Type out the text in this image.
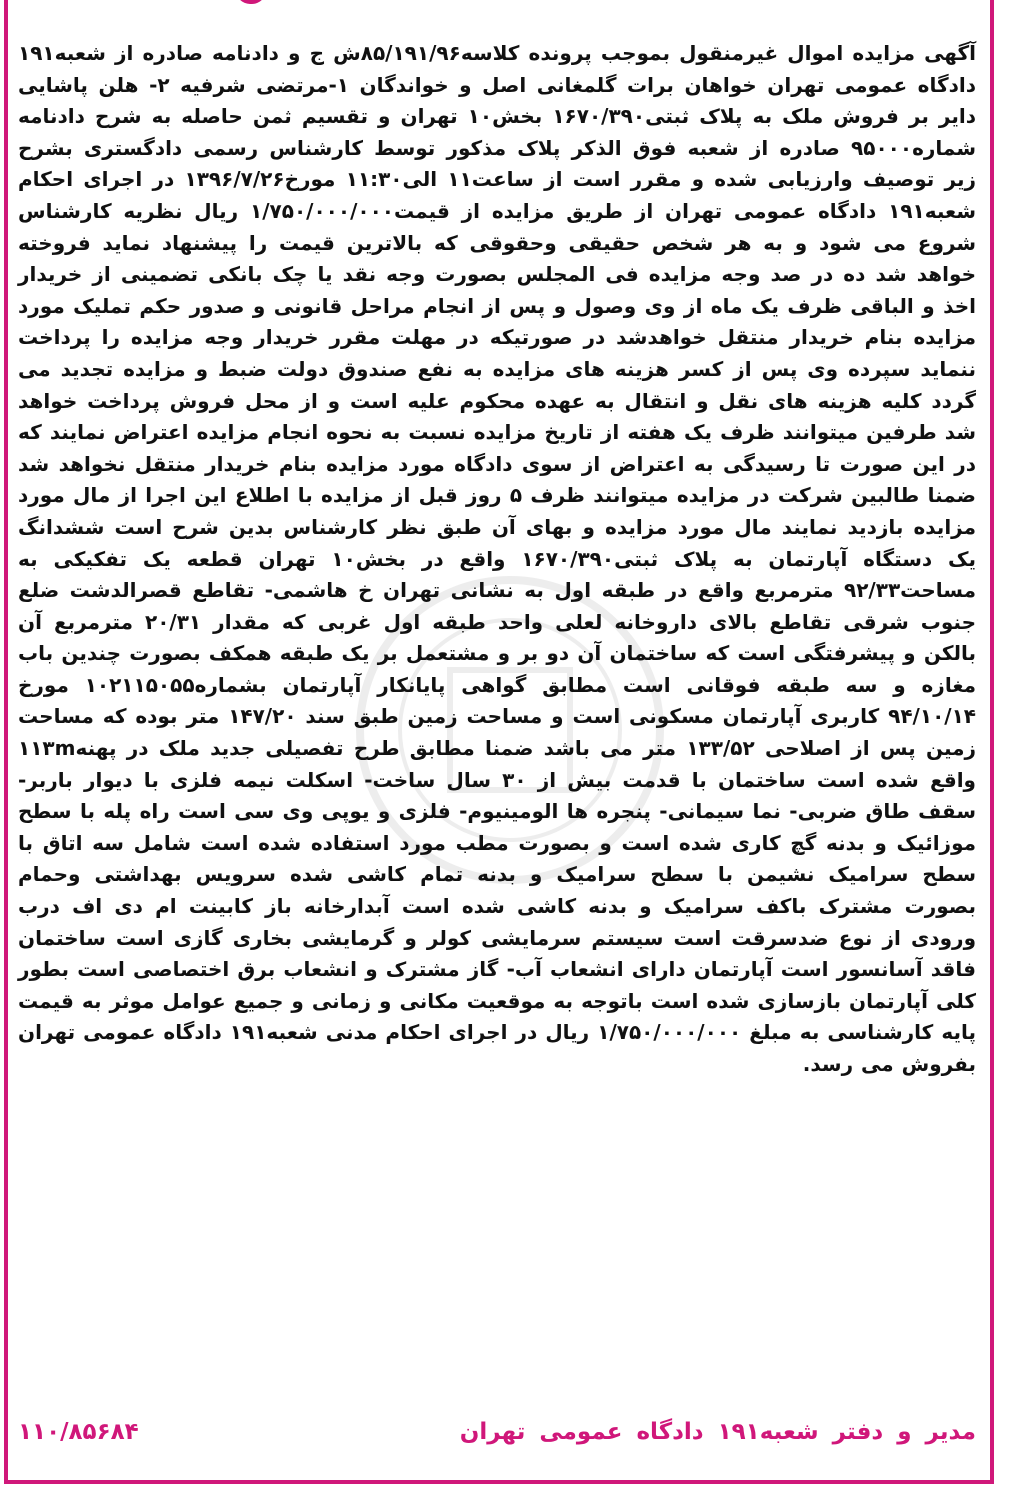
آگهی مزایده اموال غیرمنقول بموجب پرونده کلاسه۸۵/۱۹۱/۹۶ش ج و دادنامه صادره از شعبه۱۹۱ دادگاه عمومی تهران خواهان برات گلمغانی اصل و خواندگان ۱-مرتضی شرفیه ۲- هلن پاشایی دایر بر فروش ملک به پلاک ثبتی۱۶۷۰/۳۹۰ بخش۱۰ تهران و تقسیم ثمن حاصله به شرح دادنامه شماره۹۵۰۰۰ صادره از شعبه فوق الذکر پلاک مذکور توسط کارشناس رسمی دادگستری بشرح زیر توصیف وارزیابی شده و مقرر است از ساعت۱۱ الی۱۱:۳۰ مورخ۱۳۹۶/۷/۲۶ در اجرای احکام شعبه۱۹۱ دادگاه عمومی تهران از طریق مزایده از قیمت۱/۷۵۰/۰۰۰/۰۰۰ ریال نظریه کارشناس شروع می شود و به هر شخص حقیقی وحقوقی که بالاترین قیمت را پیشنهاد نماید فروخته خواهد شد ده در صد وجه مزایده فی المجلس بصورت وجه نقد یا چک بانکی تضمینی از خریدار اخذ و الباقی ظرف یک ماه از وی وصول و پس از انجام مراحل قانونی و صدور حکم تملیک مورد مزایده بنام خریدار منتقل خواهدشد در صورتیکه در مهلت مقرر خریدار وجه مزایده را پرداخت ننماید سپرده وی پس از کسر هزینه های مزایده به نفع صندوق دولت ضبط و مزایده تجدید می گردد کلیه هزینه های نقل و انتقال به عهده محکوم علیه است و از محل فروش پرداخت خواهد شد طرفین میتوانند ظرف یک هفته از تاریخ مزایده نسبت به نحوه انجام مزایده اعتراض نمایند که در این صورت تا رسیدگی به اعتراض از سوی دادگاه مورد مزایده بنام خریدار منتقل نخواهد شد ضمنا طالبین شرکت در مزایده میتوانند ظرف ۵ روز قبل از مزایده با اطلاع این اجرا از مال مورد مزایده بازدید نمایند مال مورد مزایده و بهای آن طبق نظر کارشناس بدین شرح است ششدانگ یک دستگاه آپارتمان به پلاک ثبتی۱۶۷۰/۳۹۰ واقع در بخش۱۰ تهران قطعه یک تفکیکی به مساحت۹۲/۳۳ مترمربع واقع در طبقه اول به نشانی تهران خ هاشمی- تقاطع قصرالدشت ضلع جنوب شرقی تقاطع بالای داروخانه لعلی واحد طبقه اول غربی که مقدار ۲۰/۳۱ مترمربع آن بالکن و پیشرفتگی است که ساختمان آن دو بر و مشتعمل بر یک طبقه همکف بصورت چندین باب مغازه و سه طبقه فوقانی است مطابق گواهی پایانکار آپارتمان بشماره۱۰۲۱۱۵۰۵۵ مورخ ۹۴/۱۰/۱۴ کاربری آپارتمان مسکونی است و مساحت زمین طبق سند ۱۴۷/۲۰ متر بوده که مساحت زمین پس از اصلاحی ۱۳۳/۵۲ متر می باشد ضمنا مطابق طرح تفصیلی جدید ملک در پهنه۱۱۳m واقع شده است ساختمان با قدمت بیش از ۳۰ سال ساخت- اسکلت نیمه فلزی با دیوار باربر- سقف طاق ضربی- نما سیمانی- پنجره ها الومینیوم- فلزی و یوپی وی سی است راه پله با سطح موزائیک و بدنه گچ کاری شده است و بصورت مطب مورد استفاده شده است شامل سه اتاق با سطح سرامیک نشیمن با سطح سرامیک و بدنه تمام کاشی شده سرویس بهداشتی وحمام بصورت مشترک باکف سرامیک و بدنه کاشی شده است آبدارخانه باز کابینت ام دی اف درب ورودی از نوع ضدسرقت است سیستم سرمایشی کولر و گرمایشی بخاری گازی است ساختمان فاقد آسانسور است آپارتمان دارای انشعاب آب- گاز مشترک و انشعاب برق اختصاصی است بطور کلی آپارتمان بازسازی شده است باتوجه به موقعیت مکانی و زمانی و جمیع عوامل موثر به قیمت پایه کارشناسی به مبلغ ۱/۷۵۰/۰۰۰/۰۰۰ ریال در اجرای احکام مدنی شعبه۱۹۱ دادگاه عمومی تهران بفروش می رسد.
مدیر و دفتر شعبه۱۹۱ دادگاه عمومی تهران
۱۱۰/۸۵۶۸۴
